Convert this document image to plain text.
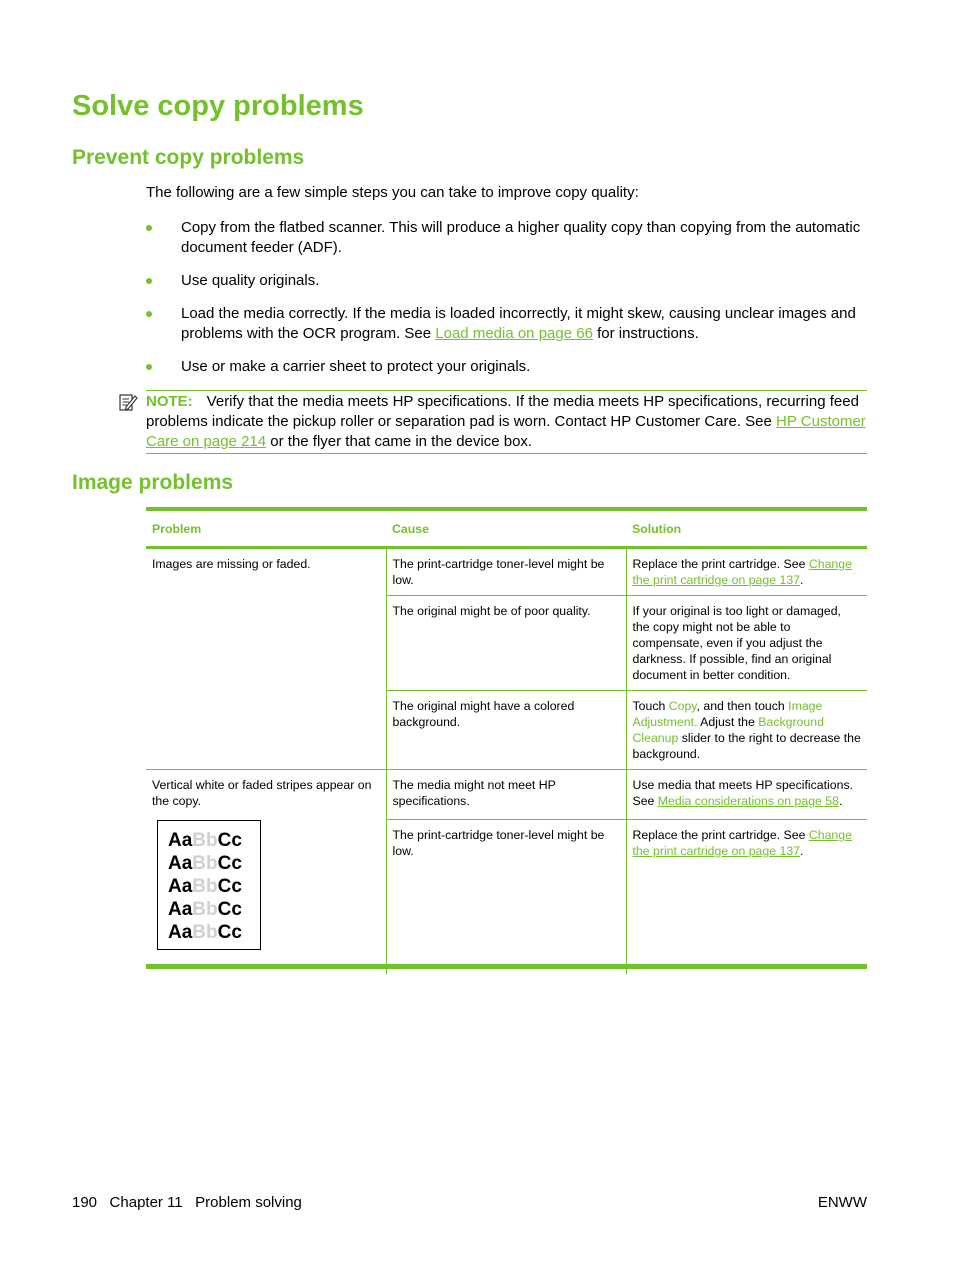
Solve copy problems
Prevent copy problems
The following are a few simple steps you can take to improve copy quality:
Copy from the flatbed scanner. This will produce a higher quality copy than copying from the automatic document feeder (ADF).
Use quality originals.
Load the media correctly. If the media is loaded incorrectly, it might skew, causing unclear images and problems with the OCR program. See Load media on page 66 for instructions.
Use or make a carrier sheet to protect your originals.
NOTE: Verify that the media meets HP specifications. If the media meets HP specifications, recurring feed problems indicate the pickup roller or separation pad is worn. Contact HP Customer Care. See HP Customer Care on page 214 or the flyer that came in the device box.
Image problems
Problem	Cause	Solution
Images are missing or faded.	The print-cartridge toner-level might be low.	Replace the print cartridge. See Change the print cartridge on page 137.
	The original might be of poor quality.	If your original is too light or damaged, the copy might not be able to compensate, even if you adjust the darkness. If possible, find an original document in better condition.
	The original might have a colored background.	Touch Copy, and then touch Image Adjustment. Adjust the Background Cleanup slider to the right to decrease the background.
Vertical white or faded stripes appear on the copy.	The media might not meet HP specifications.	Use media that meets HP specifications. See Media considerations on page 58.
	The print-cartridge toner-level might be low.	Replace the print cartridge. See Change the print cartridge on page 137.
AaBbCc
AaBbCc
AaBbCc
AaBbCc
AaBbCc
190 Chapter 11 Problem solving	ENWW
